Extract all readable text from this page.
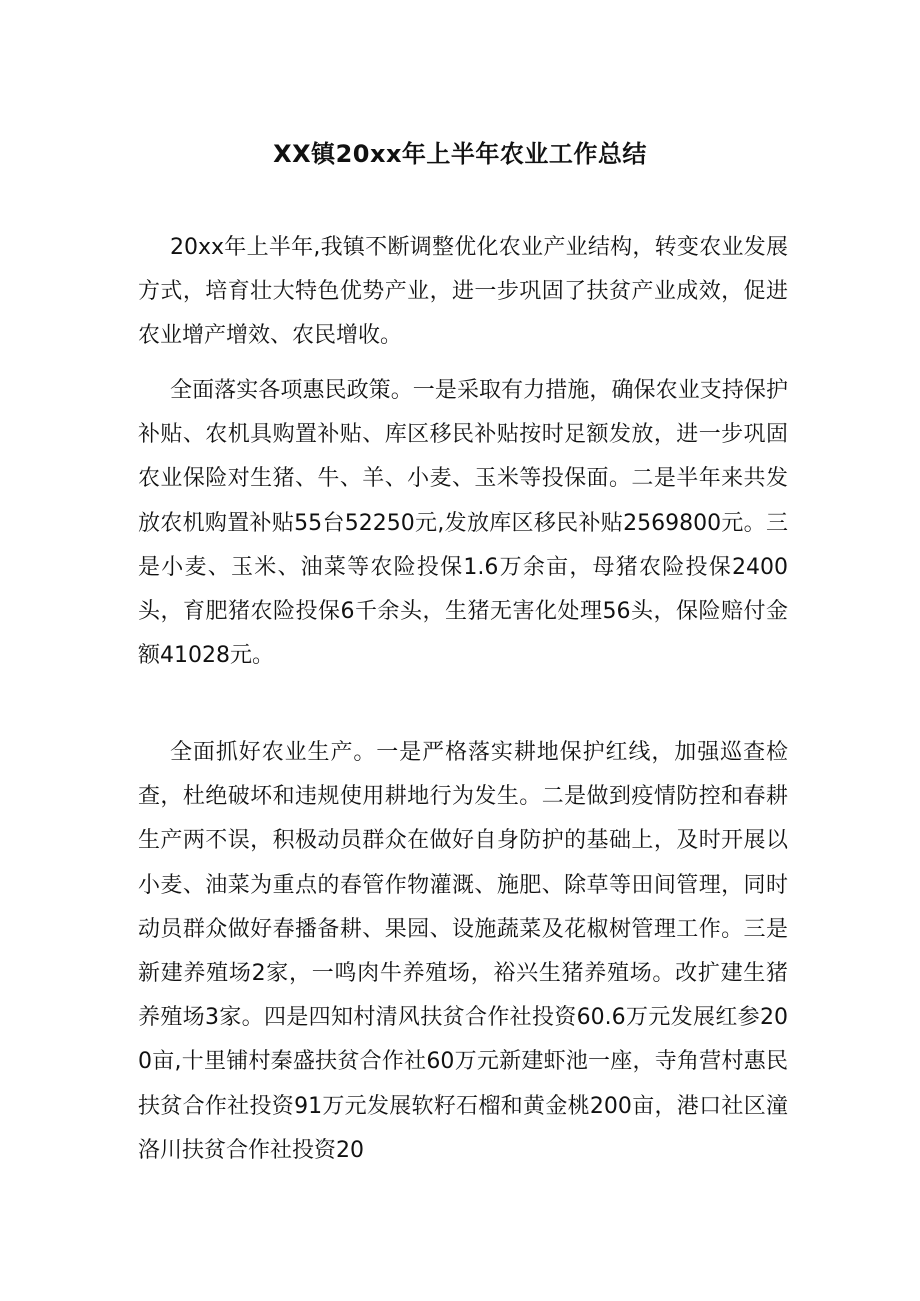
XX镇20xx年上半年农业工作总结

20xx年上半年,我镇不断调整优化农业产业结构，转变农业发展方式，培育壮大特色优势产业，进一步巩固了扶贫产业成效，促进农业增产增效、农民增收。

全面落实各项惠民政策。一是采取有力措施，确保农业支持保护补贴、农机具购置补贴、库区移民补贴按时足额发放，进一步巩固农业保险对生猪、牛、羊、小麦、玉米等投保面。二是半年来共发放农机购置补贴55台52250元,发放库区移民补贴2569800元。三是小麦、玉米、油菜等农险投保1.6万余亩，母猪农险投保2400头，育肥猪农险投保6千余头，生猪无害化处理56头，保险赔付金额41028元。

全面抓好农业生产。一是严格落实耕地保护红线，加强巡查检查，杜绝破坏和违规使用耕地行为发生。二是做到疫情防控和春耕生产两不误，积极动员群众在做好自身防护的基础上，及时开展以小麦、油菜为重点的春管作物灌溉、施肥、除草等田间管理，同时动员群众做好春播备耕、果园、设施蔬菜及花椒树管理工作。三是新建养殖场2家，一鸣肉牛养殖场，裕兴生猪养殖场。改扩建生猪养殖场3家。四是四知村清风扶贫合作社投资60.6万元发展红参200亩,十里铺村秦盛扶贫合作社60万元新建虾池一座，寺角营村惠民扶贫合作社投资91万元发展软籽石榴和黄金桃200亩，港口社区潼洛川扶贫合作社投资20
